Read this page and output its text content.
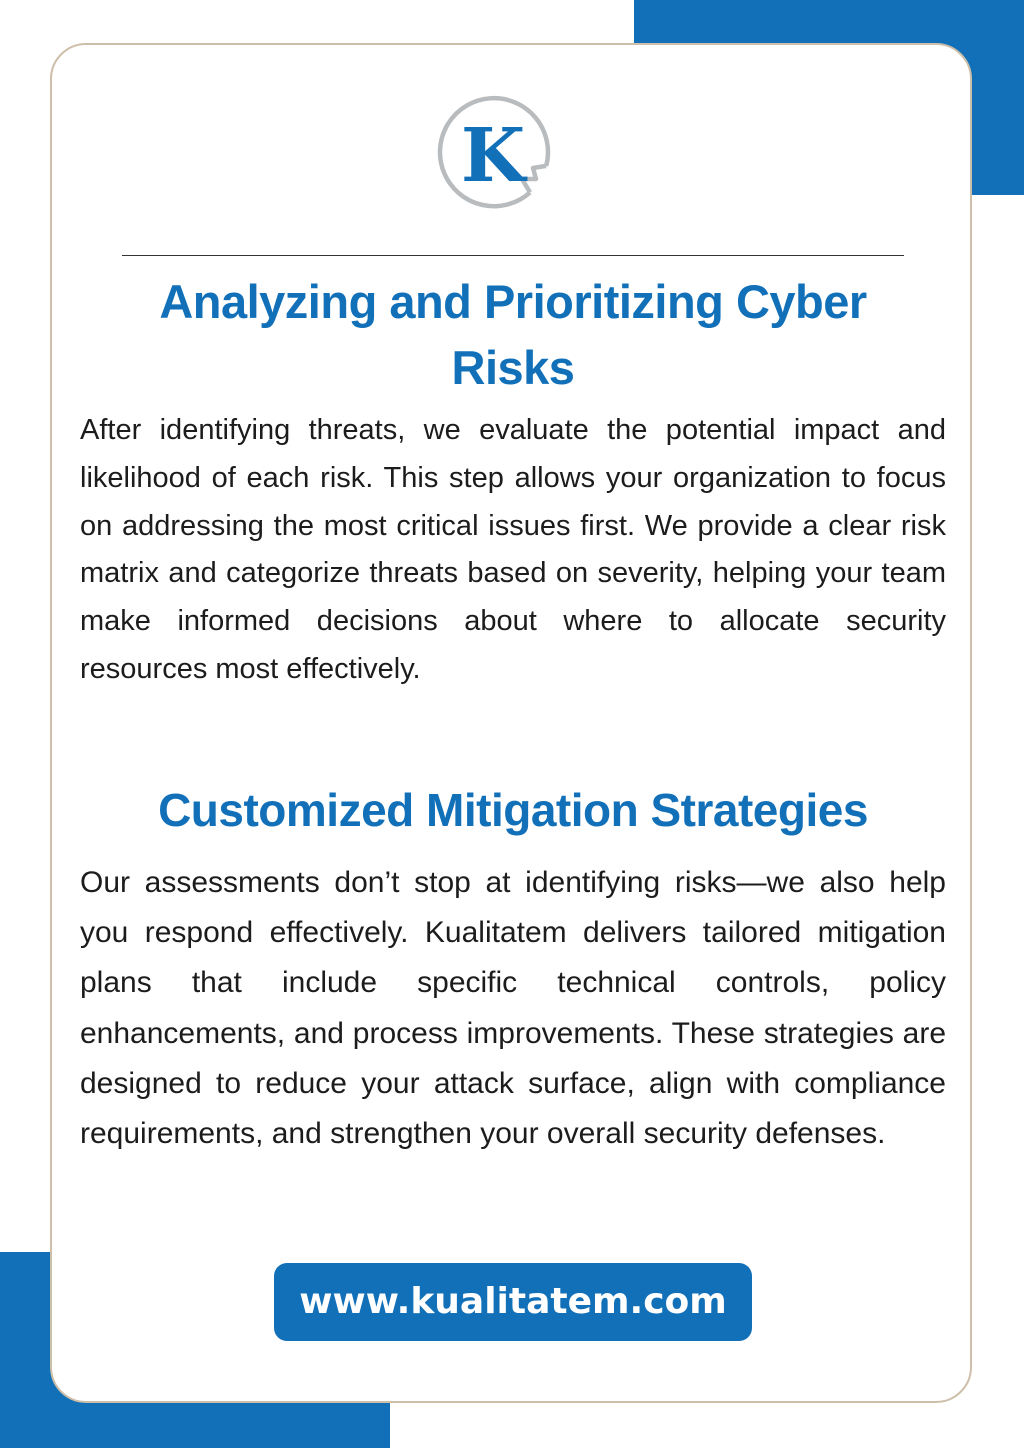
K
Analyzing and Prioritizing Cyber Risks

After identifying threats, we evaluate the potential impact and likelihood of each risk. This step allows your organization to focus on addressing the most critical issues first. We provide a clear risk matrix and categorize threats based on severity, helping your team make informed decisions about where to allocate security resources most effectively.

Customized Mitigation Strategies

Our assessments don’t stop at identifying risks—we also help you respond effectively. Kualitatem delivers tailored mitigation plans that include specific technical controls, policy enhancements, and process improvements. These strategies are designed to reduce your attack surface, align with compliance requirements, and strengthen your overall security defenses.

www.kualitatem.com
